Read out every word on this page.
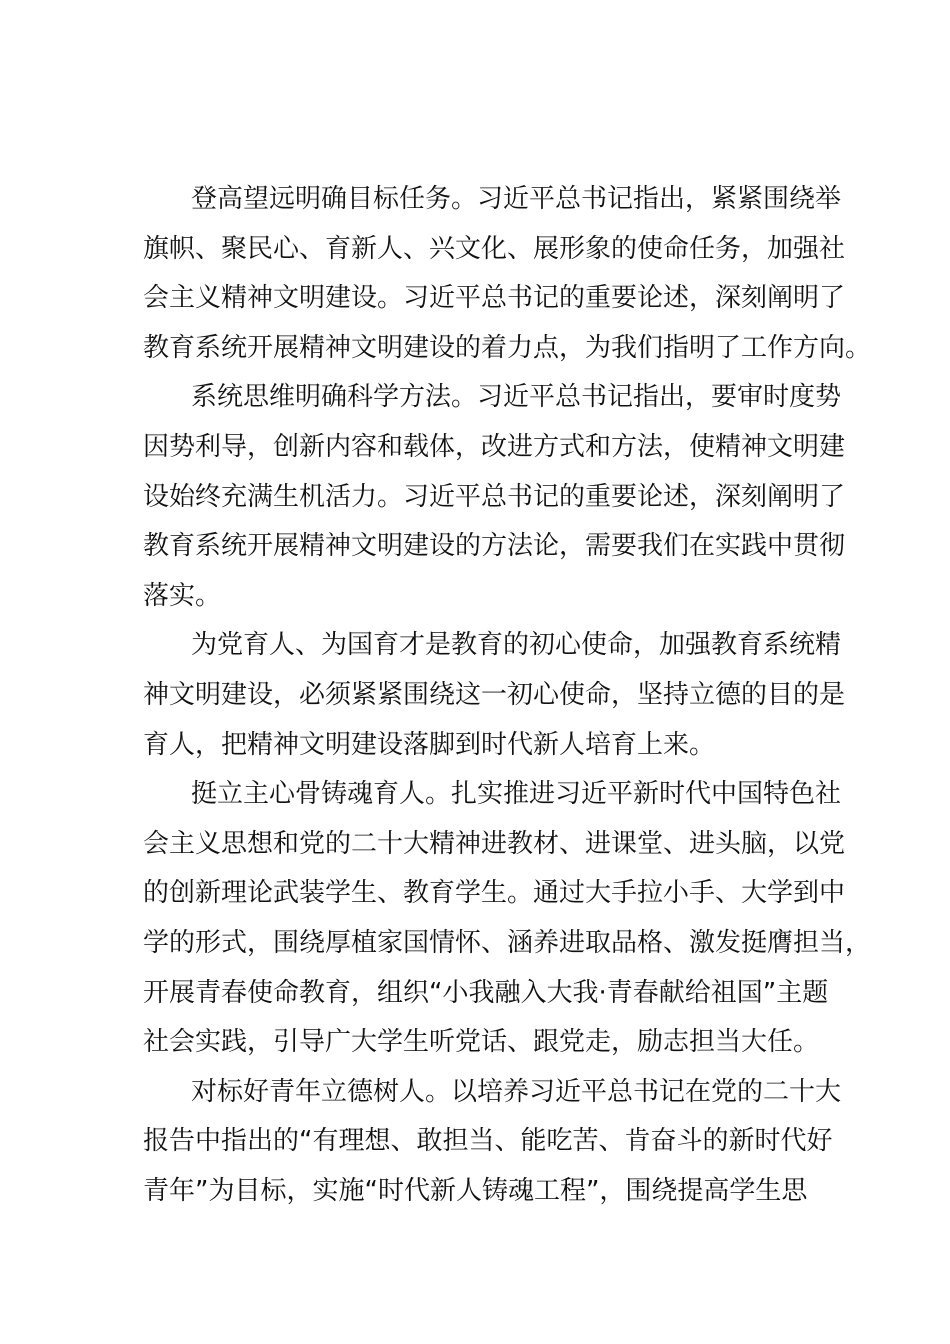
登高望远明确目标任务。习近平总书记指出，紧紧围绕举
旗帜、聚民心、育新人、兴文化、展形象的使命任务，加强社
会主义精神文明建设。习近平总书记的重要论述，深刻阐明了
教育系统开展精神文明建设的着力点，为我们指明了工作方向。
系统思维明确科学方法。习近平总书记指出，要审时度势
因势利导，创新内容和载体，改进方式和方法，使精神文明建
设始终充满生机活力。习近平总书记的重要论述，深刻阐明了
教育系统开展精神文明建设的方法论，需要我们在实践中贯彻
落实。
为党育人、为国育才是教育的初心使命，加强教育系统精
神文明建设，必须紧紧围绕这一初心使命，坚持立德的目的是
育人，把精神文明建设落脚到时代新人培育上来。
挺立主心骨铸魂育人。扎实推进习近平新时代中国特色社
会主义思想和党的二十大精神进教材、进课堂、进头脑，以党
的创新理论武装学生、教育学生。通过大手拉小手、大学到中
学的形式，围绕厚植家国情怀、涵养进取品格、激发挺膺担当，
开展青春使命教育，组织“小我融入大我·青春献给祖国”主题
社会实践，引导广大学生听党话、跟党走，励志担当大任。
对标好青年立德树人。以培养习近平总书记在党的二十大
报告中指出的“有理想、敢担当、能吃苦、肯奋斗的新时代好
青年”为目标，实施“时代新人铸魂工程”，围绕提高学生思
